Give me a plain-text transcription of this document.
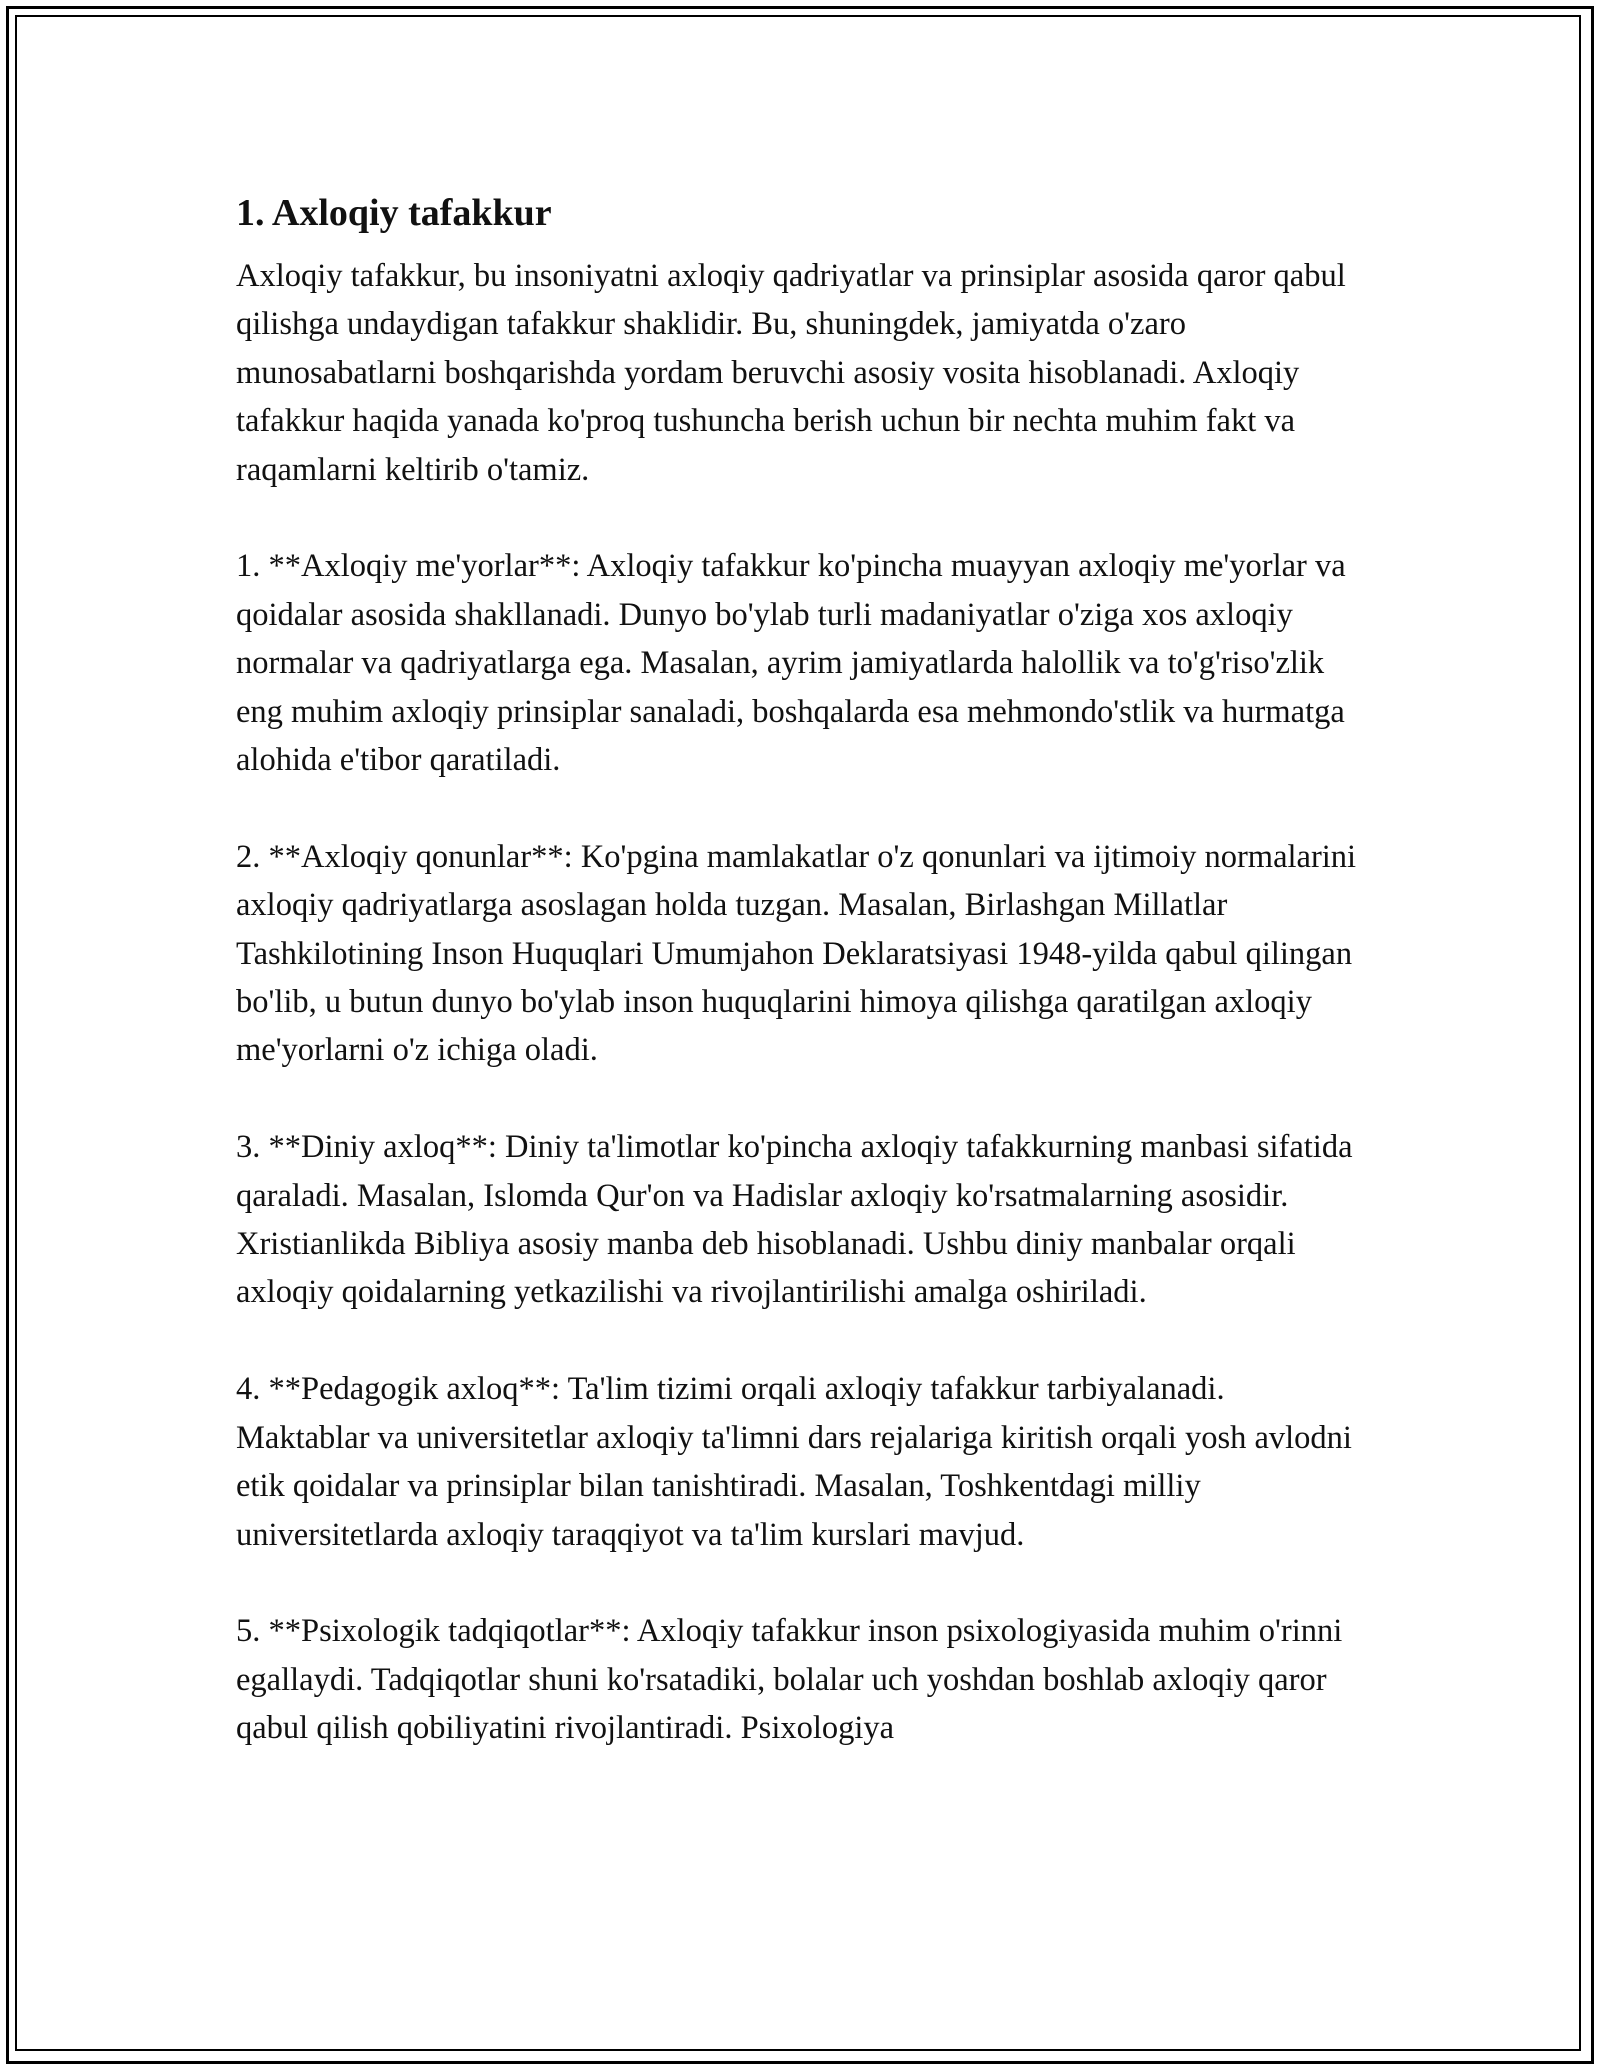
1. Axloqiy tafakkur

Axloqiy tafakkur, bu insoniyatni axloqiy qadriyatlar va prinsiplar asosida qaror qabul qilishga undaydigan tafakkur shaklidir. Bu, shuningdek, jamiyatda o'zaro munosabatlarni boshqarishda yordam beruvchi asosiy vosita hisoblanadi. Axloqiy tafakkur haqida yanada ko'proq tushuncha berish uchun bir nechta muhim fakt va raqamlarni keltirib o'tamiz.

1. **Axloqiy me'yorlar**: Axloqiy tafakkur ko'pincha muayyan axloqiy me'yorlar va qoidalar asosida shakllanadi. Dunyo bo'ylab turli madaniyatlar o'ziga xos axloqiy normalar va qadriyatlarga ega. Masalan, ayrim jamiyatlarda halollik va to'g'riso'zlik eng muhim axloqiy prinsiplar sanaladi, boshqalarda esa mehmondo'stlik va hurmatga alohida e'tibor qaratiladi.

2. **Axloqiy qonunlar**: Ko'pgina mamlakatlar o'z qonunlari va ijtimoiy normalarini axloqiy qadriyatlarga asoslagan holda tuzgan. Masalan, Birlashgan Millatlar Tashkilotining Inson Huquqlari Umumjahon Deklaratsiyasi 1948-yilda qabul qilingan bo'lib, u butun dunyo bo'ylab inson huquqlarini himoya qilishga qaratilgan axloqiy me'yorlarni o'z ichiga oladi.

3. **Diniy axloq**: Diniy ta'limotlar ko'pincha axloqiy tafakkurning manbasi sifatida qaraladi. Masalan, Islomda Qur'on va Hadislar axloqiy ko'rsatmalarning asosidir. Xristianlikda Bibliya asosiy manba deb hisoblanadi. Ushbu diniy manbalar orqali axloqiy qoidalarning yetkazilishi va rivojlantirilishi amalga oshiriladi.

4. **Pedagogik axloq**: Ta'lim tizimi orqali axloqiy tafakkur tarbiyalanadi. Maktablar va universitetlar axloqiy ta'limni dars rejalariga kiritish orqali yosh avlodni etik qoidalar va prinsiplar bilan tanishtiradi. Masalan, Toshkentdagi milliy universitetlarda axloqiy taraqqiyot va ta'lim kurslari mavjud.

5. **Psixologik tadqiqotlar**: Axloqiy tafakkur inson psixologiyasida muhim o'rinni egallaydi. Tadqiqotlar shuni ko'rsatadiki, bolalar uch yoshdan boshlab axloqiy qaror qabul qilish qobiliyatini rivojlantiradi. Psixologiya
